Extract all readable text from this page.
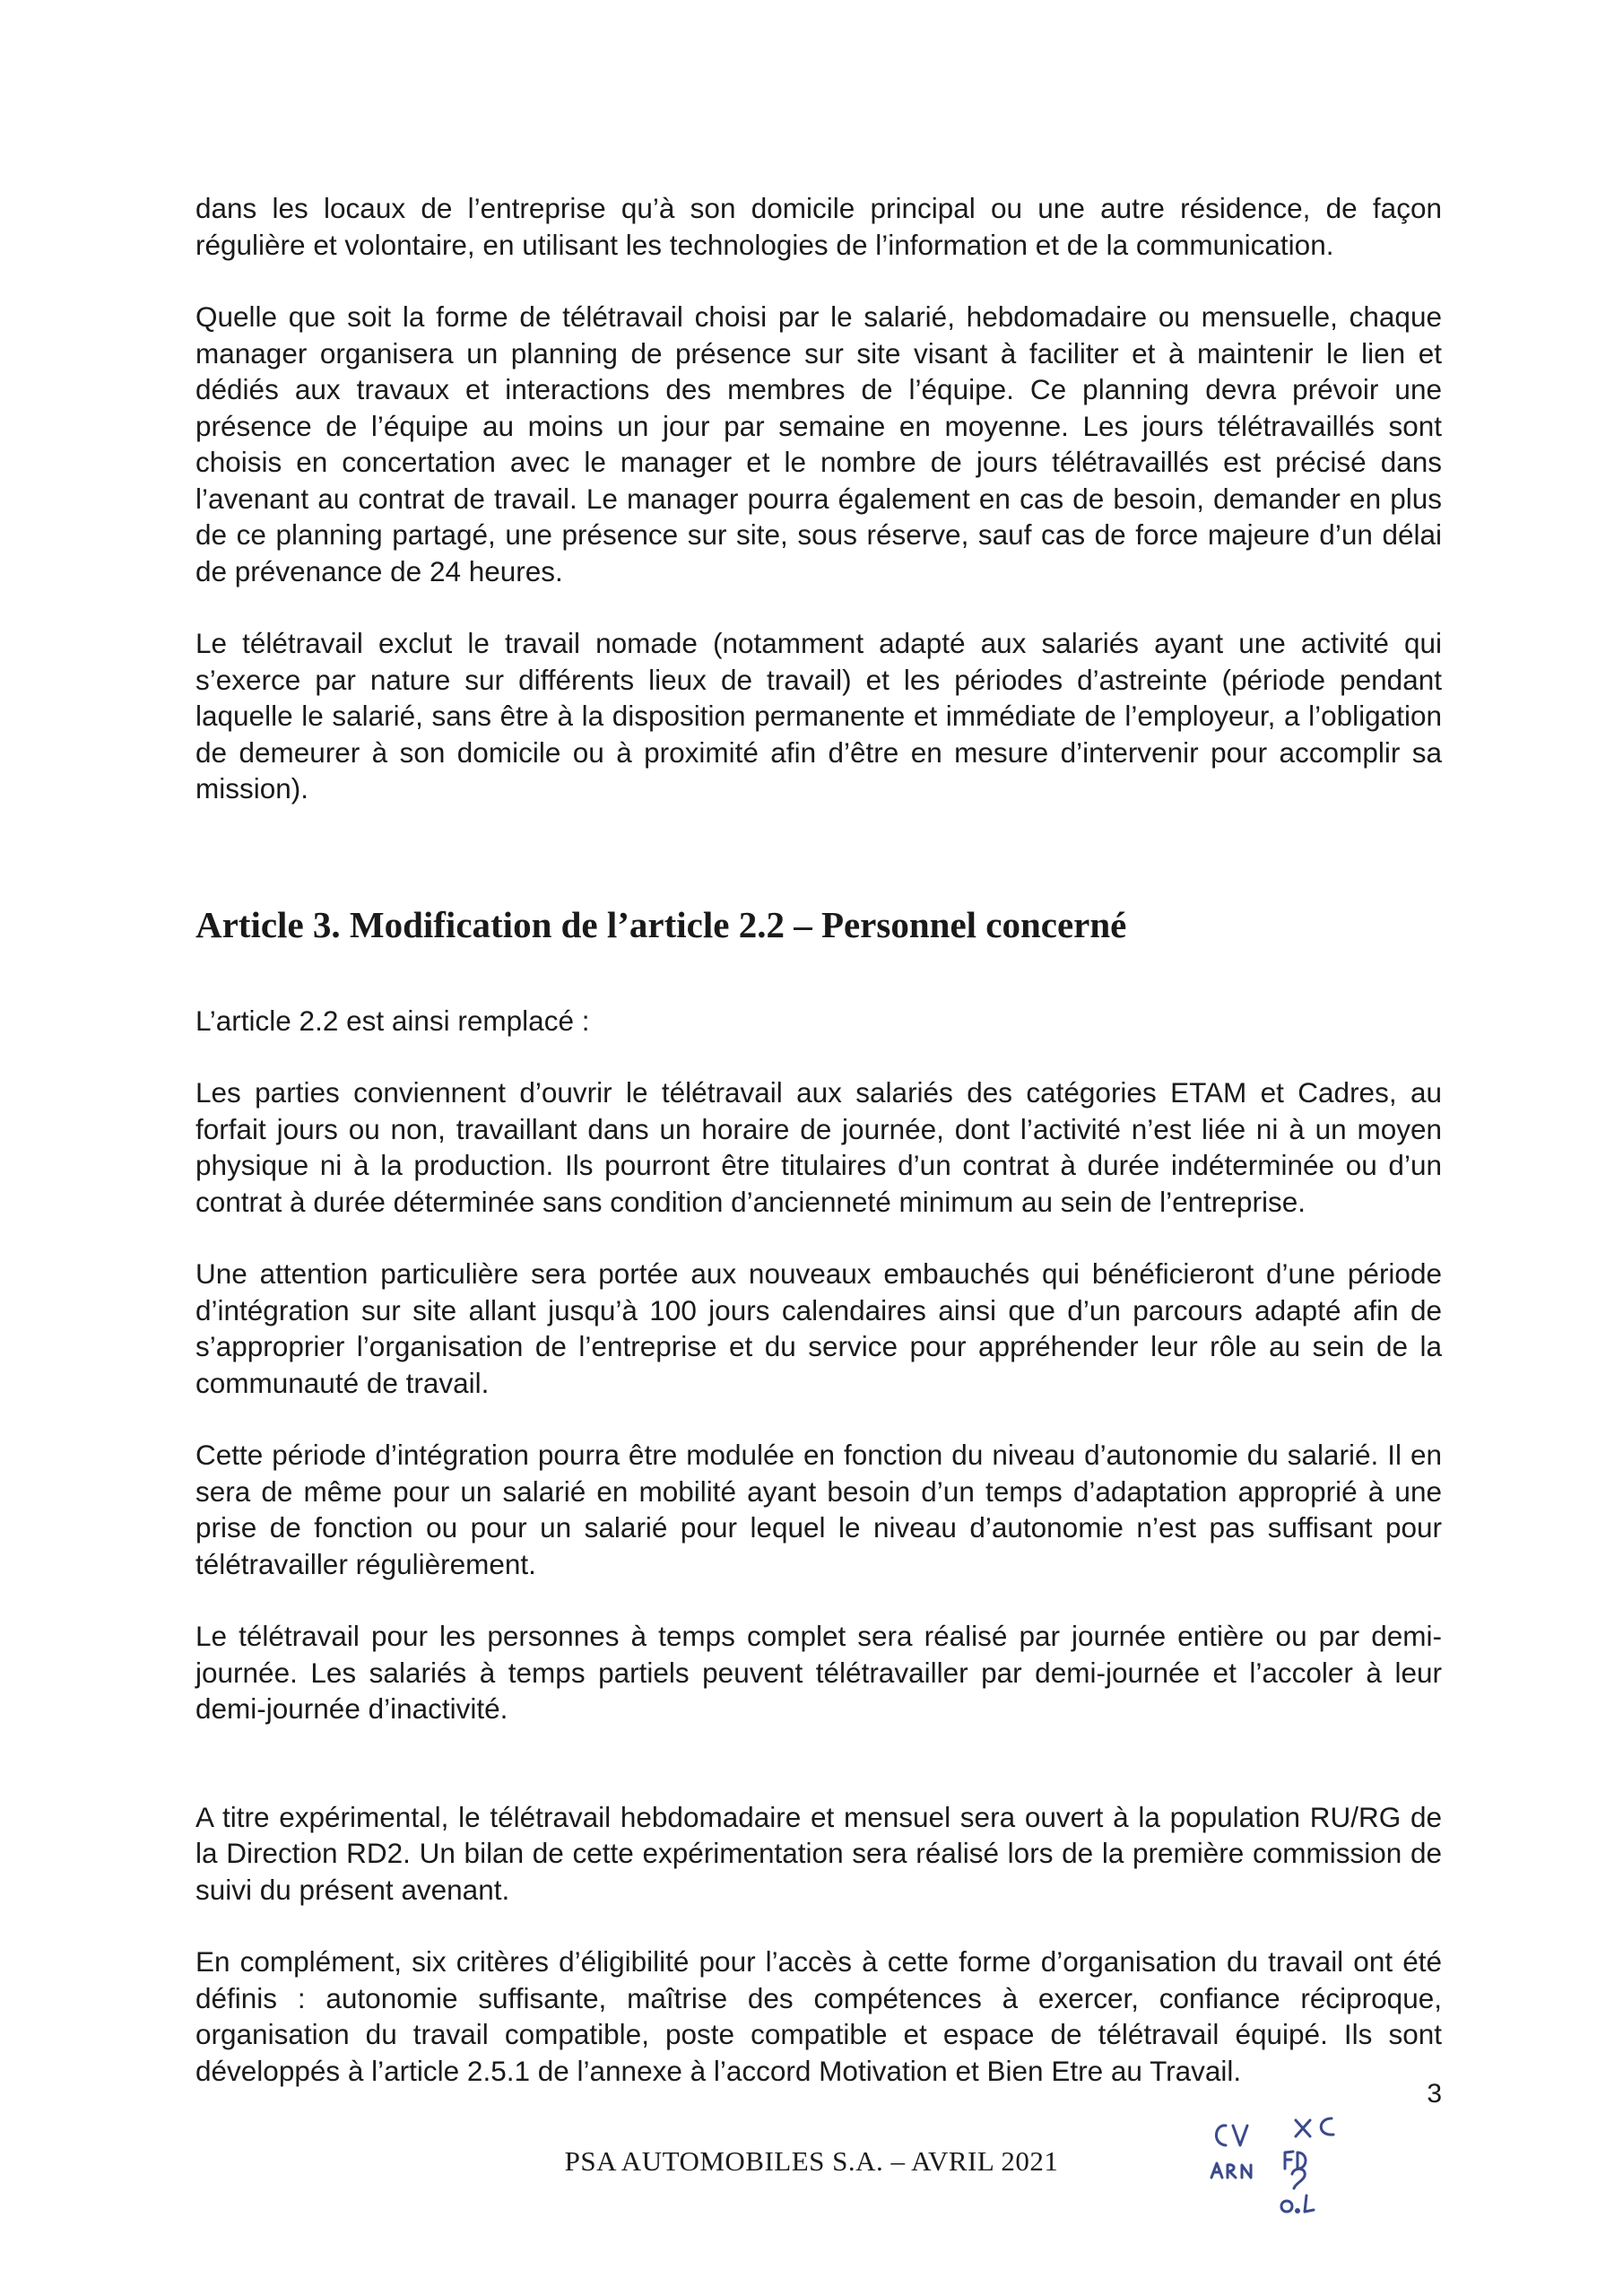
dans les locaux de l’entreprise qu’à son domicile principal ou une autre résidence, de façon régulière et volontaire, en utilisant les technologies de l’information et de la communication.

Quelle que soit la forme de télétravail choisi par le salarié, hebdomadaire ou mensuelle, chaque manager organisera un planning de présence sur site visant à faciliter et à maintenir le lien et dédiés aux travaux et interactions des membres de l’équipe. Ce planning devra prévoir une présence de l’équipe au moins un jour par semaine en moyenne. Les jours télétravaillés sont choisis en concertation avec le manager et le nombre de jours télétravaillés est précisé dans l’avenant au contrat de travail. Le manager pourra également en cas de besoin, demander en plus de ce planning partagé, une présence sur site, sous réserve, sauf cas de force majeure d’un délai de prévenance de 24 heures.

Le télétravail exclut le travail nomade (notamment adapté aux salariés ayant une activité qui s’exerce par nature sur différents lieux de travail) et les périodes d’astreinte (période pendant laquelle le salarié, sans être à la disposition permanente et immédiate de l’employeur, a l’obligation de demeurer à son domicile ou à proximité afin d’être en mesure d’intervenir pour accomplir sa mission).

Article 3. Modification de l’article 2.2 – Personnel concerné

L’article 2.2 est ainsi remplacé :

Les parties conviennent d’ouvrir le télétravail aux salariés des catégories ETAM et Cadres, au forfait jours ou non, travaillant dans un horaire de journée, dont l’activité n’est liée ni à un moyen physique ni à la production. Ils pourront être titulaires d’un contrat à durée indéterminée ou d’un contrat à durée déterminée sans condition d’ancienneté minimum au sein de l’entreprise.

Une attention particulière sera portée aux nouveaux embauchés qui bénéficieront d’une période d’intégration sur site allant jusqu’à 100 jours calendaires ainsi que d’un parcours adapté afin de s’approprier l’organisation de l’entreprise et du service pour appréhender leur rôle au sein de la communauté de travail.

Cette période d’intégration pourra être modulée en fonction du niveau d’autonomie du salarié. Il en sera de même pour un salarié en mobilité ayant besoin d’un temps d’adaptation approprié à une prise de fonction ou pour un salarié pour lequel le niveau d’autonomie n’est pas suffisant pour télétravailler régulièrement.

Le télétravail pour les personnes à temps complet sera réalisé par journée entière ou par demi-journée. Les salariés à temps partiels peuvent télétravailler par demi-journée et l’accoler à leur demi-journée d’inactivité.

A titre expérimental, le télétravail hebdomadaire et mensuel sera ouvert à la population RU/RG de la Direction RD2. Un bilan de cette expérimentation sera réalisé lors de la première commission de suivi du présent avenant.

En complément, six critères d’éligibilité pour l’accès à cette forme d’organisation du travail ont été définis : autonomie suffisante, maîtrise des compétences à exercer, confiance réciproque, organisation du travail compatible, poste compatible et espace de télétravail équipé. Ils sont développés à l’article 2.5.1 de l’annexe à l’accord Motivation et Bien Etre au Travail.

3
PSA AUTOMOBILES S.A. – AVRIL 2021
